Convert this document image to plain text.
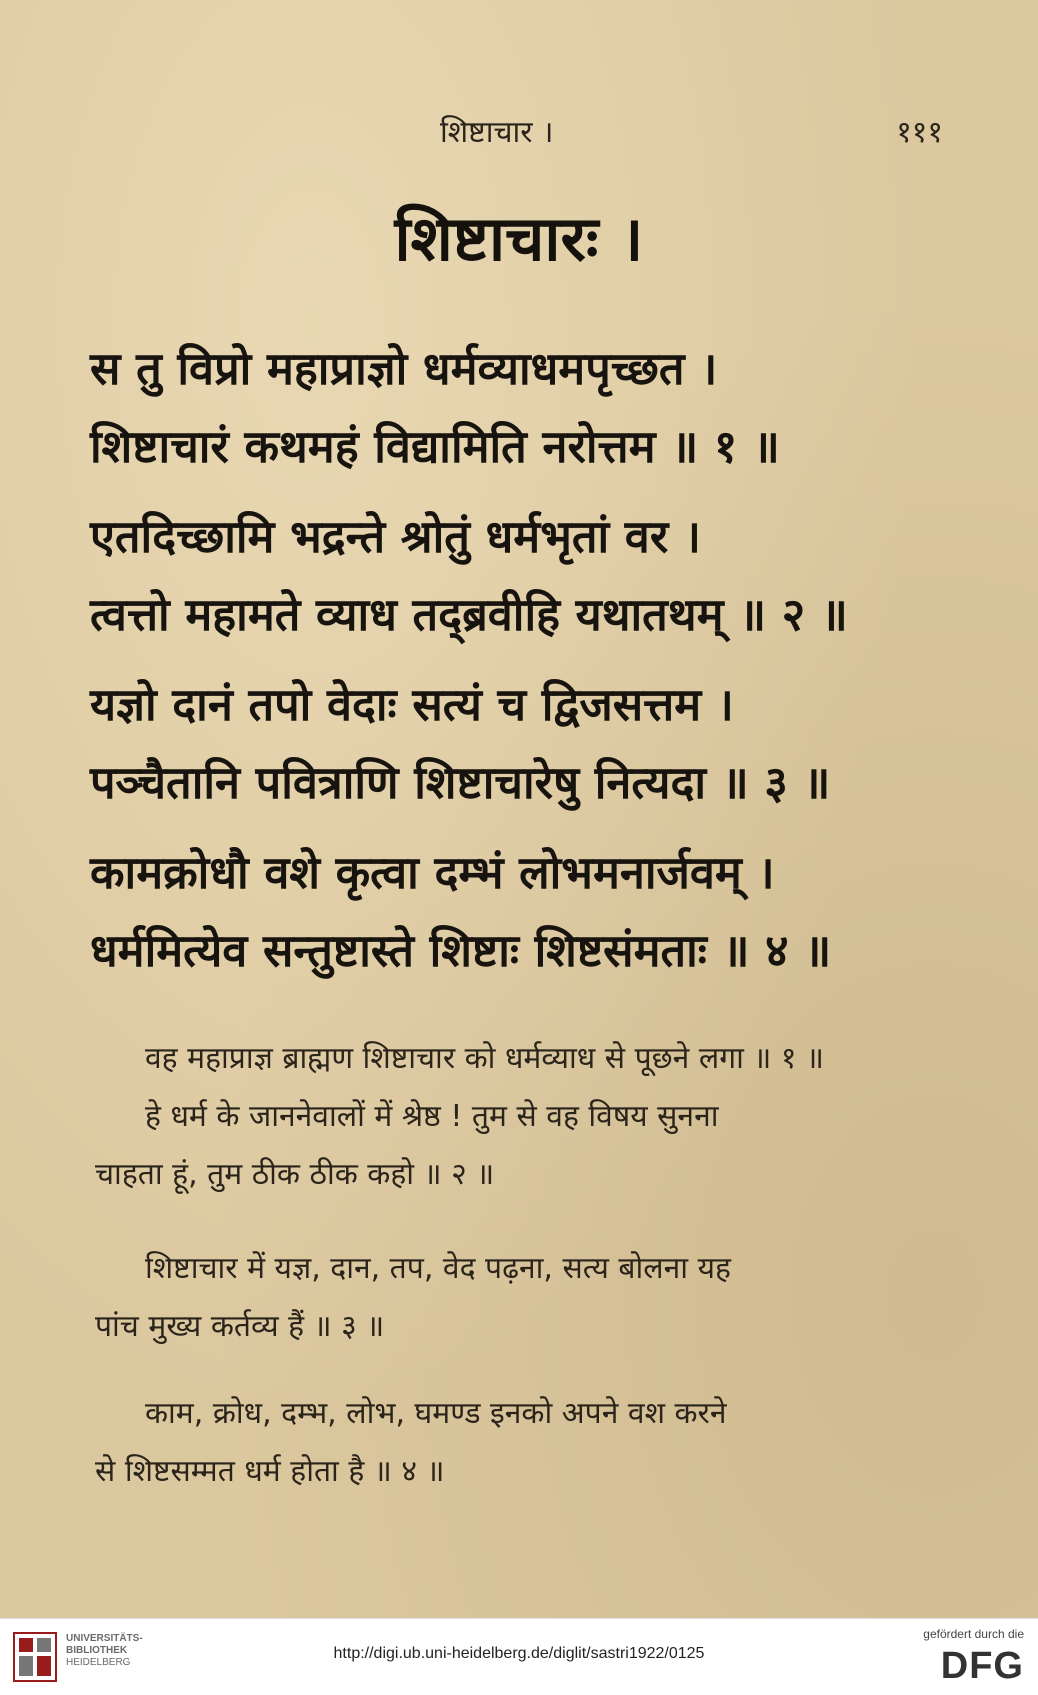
शिष्टाचार ।	१११
शिष्टाचारः ।
स तु विप्रो महाप्राज्ञो धर्मव्याधमपृच्छत ।
शिष्टाचारं कथमहं विद्यामिति नरोत्तम ॥ १ ॥
एतदिच्छामि भद्रन्ते श्रोतुं धर्मभृतां वर ।
त्वत्तो महामते व्याध तद्ब्रवीहि यथातथम् ॥ २ ॥
यज्ञो दानं तपो वेदाः सत्यं च द्विजसत्तम ।
पञ्चैतानि पवित्राणि शिष्टाचारेषु नित्यदा ॥ ३ ॥
कामक्रोधौ वशे कृत्वा दम्भं लोभमनार्जवम् ।
धर्ममित्येव सन्तुष्टास्ते शिष्टाः शिष्टसंमताः ॥ ४ ॥
वह महाप्राज्ञ ब्राह्मण शिष्टाचार को धर्मव्याध से पूछने लगा ॥ १ ॥
हे धर्म के जाननेवालों में श्रेष्ठ ! तुम से वह विषय सुनना
चाहता हूं, तुम ठीक ठीक कहो ॥ २ ॥
शिष्टाचार में यज्ञ, दान, तप, वेद पढ़ना, सत्य बोलना यह
पांच मुख्य कर्तव्य हैं ॥ ३ ॥
काम, क्रोध, दम्भ, लोभ, घमण्ड इनको अपने वश करने
से शिष्टसम्मत धर्म होता है ॥ ४ ॥
UNIVERSITÄTS-
BIBLIOTHEK
HEIDELBERG
http://digi.ub.uni-heidelberg.de/diglit/sastri1922/0125
gefördert durch die
DFG
